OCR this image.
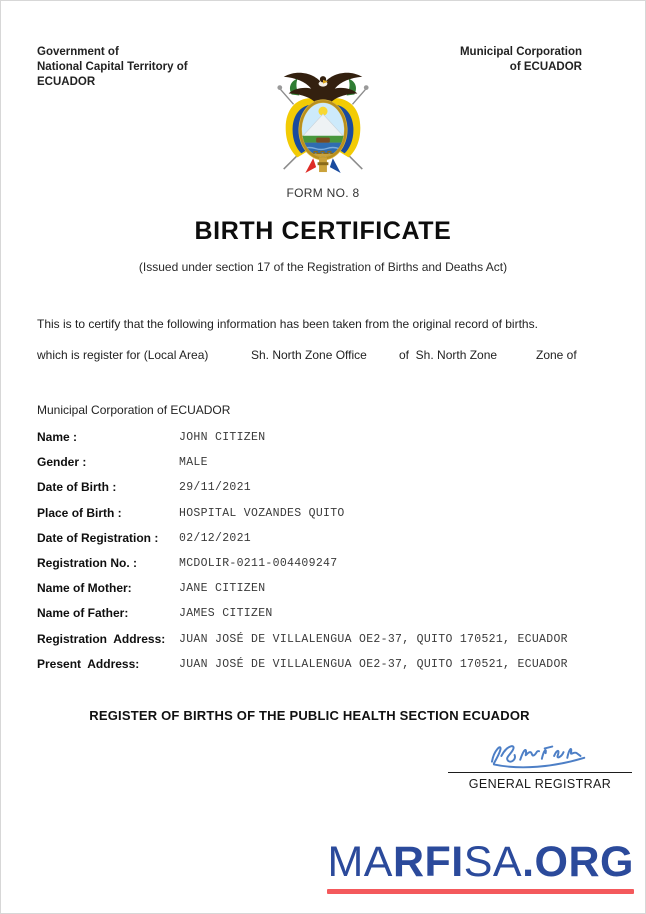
Government of
National Capital Territory of
ECUADOR
Municipal Corporation
of ECUADOR
FORM NO. 8
BIRTH CERTIFICATE
(Issued under section 17 of the Registration of Births and Deaths Act)

This is to certify that the following information has been taken from the original record of births.

which is register for (Local Area)	Sh. North Zone Office	of  Sh. North Zone	Zone of

Municipal Corporation of ECUADOR

Name :	JOHN CITIZEN
Gender :	MALE
Date of Birth :	29/11/2021
Place of Birth :	HOSPITAL VOZANDES QUITO
Date of Registration :	02/12/2021
Registration No. :	MCDOLIR-0211-004409247
Name of Mother:	JANE CITIZEN
Name of Father:	JAMES CITIZEN
Registration  Address:	JUAN JOSÉ DE VILLALENGUA OE2-37, QUITO 170521, ECUADOR
Present  Address:	JUAN JOSÉ DE VILLALENGUA OE2-37, QUITO 170521, ECUADOR
REGISTER OF BIRTHS OF THE PUBLIC HEALTH SECTION ECUADOR
GENERAL REGISTRAR
MARFISA.ORG
